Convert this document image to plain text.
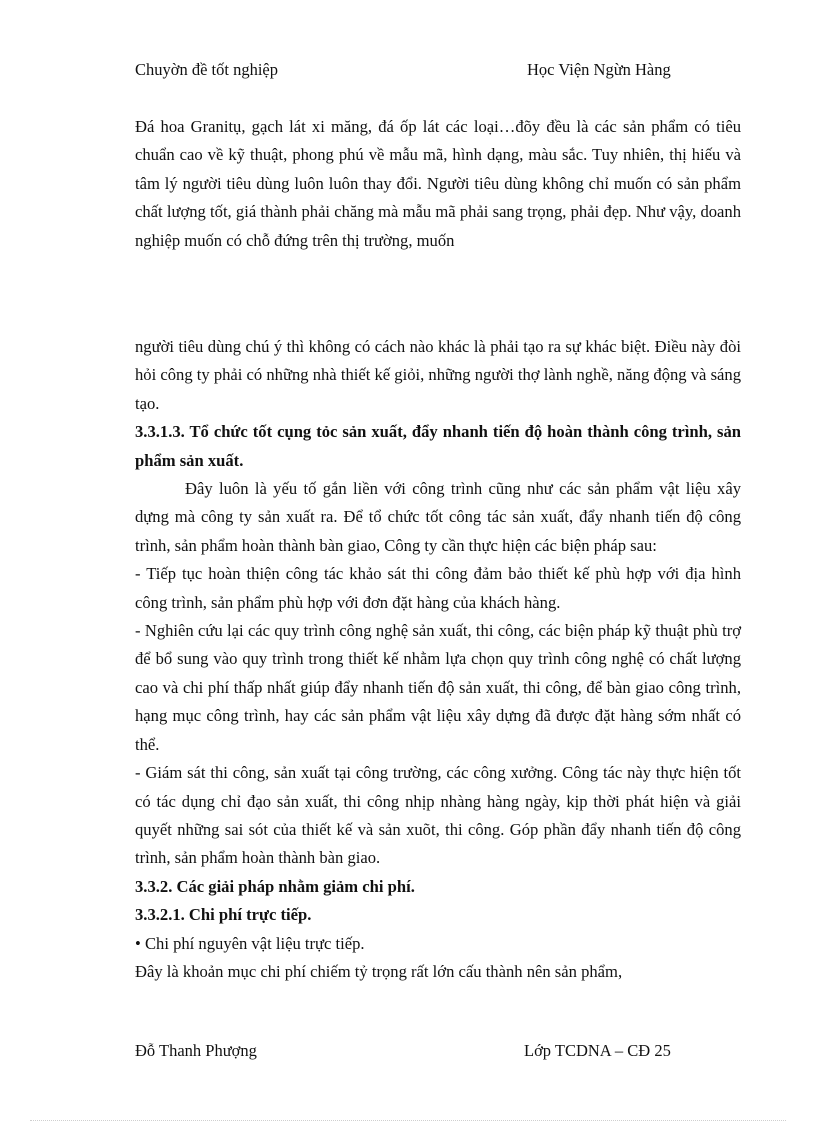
Chuyờn đề tốt nghiệp	Học Viện Ngừn Hàng

Đá hoa Granitụ, gạch lát xi măng, đá ốp lát các loại…đõy đều là các sản phẩm có tiêu chuẩn cao về kỹ thuật, phong phú về mẫu mã, hình dạng, màu sắc. Tuy nhiên, thị hiếu và tâm lý người tiêu dùng luôn luôn thay đổi. Người tiêu dùng không chỉ muốn có sản phẩm chất lượng tốt, giá thành phải chăng mà mẫu mã phải sang trọng, phải đẹp. Như vậy, doanh nghiệp muốn có chỗ đứng trên thị trường, muốn

người tiêu dùng chú ý thì không có cách nào khác là phải tạo ra sự khác biệt. Điều này đòi hỏi công ty phải có những nhà thiết kế giỏi, những người thợ lành nghề, năng động và sáng tạo.

3.3.1.3. Tổ chức tốt cụng tỏc sản xuất, đẩy nhanh tiến độ hoàn thành công trình, sản phẩm sản xuất.

Đây luôn là yếu tố gắn liền với công trình cũng như các sản phẩm vật liệu xây dựng mà công ty sản xuất ra. Để tổ chức tốt công tác sản xuất, đẩy nhanh tiến độ công trình, sản phẩm hoàn thành bàn giao, Công ty cần thực hiện các biện pháp sau:

- Tiếp tục hoàn thiện công tác khảo sát thi công đảm bảo thiết kế phù hợp với địa hình công trình, sản phẩm phù hợp với đơn đặt hàng của khách hàng.

- Nghiên cứu lại các quy trình công nghệ sản xuất, thi công, các biện pháp kỹ thuật phù trợ để bổ sung vào quy trình trong thiết kế nhằm lựa chọn quy trình công nghệ có chất lượng cao và chi phí thấp nhất giúp đẩy nhanh tiến độ sản xuất, thi công, để bàn giao công trình, hạng mục công trình, hay các sản phẩm vật liệu xây dựng đã được đặt hàng sớm nhất có thể.

- Giám sát thi công, sản xuất tại công trường, các công xưởng. Công tác này thực hiện tốt có tác dụng chỉ đạo sản xuất, thi công nhịp nhàng hàng ngày, kịp thời phát hiện và giải quyết những sai sót của thiết kế và sản xuõt, thi công. Góp phần đẩy nhanh tiến độ công trình, sản phẩm hoàn thành bàn giao.

3.3.2. Các giải pháp nhằm giảm chi phí.

3.3.2.1. Chi phí trực tiếp.

• Chi phí nguyên vật liệu trực tiếp.

Đây là khoản mục chi phí chiếm tỷ trọng rất lớn cấu thành nên sản phẩm,

Đỗ Thanh Phượng	Lớp TCDNA – CĐ 25
